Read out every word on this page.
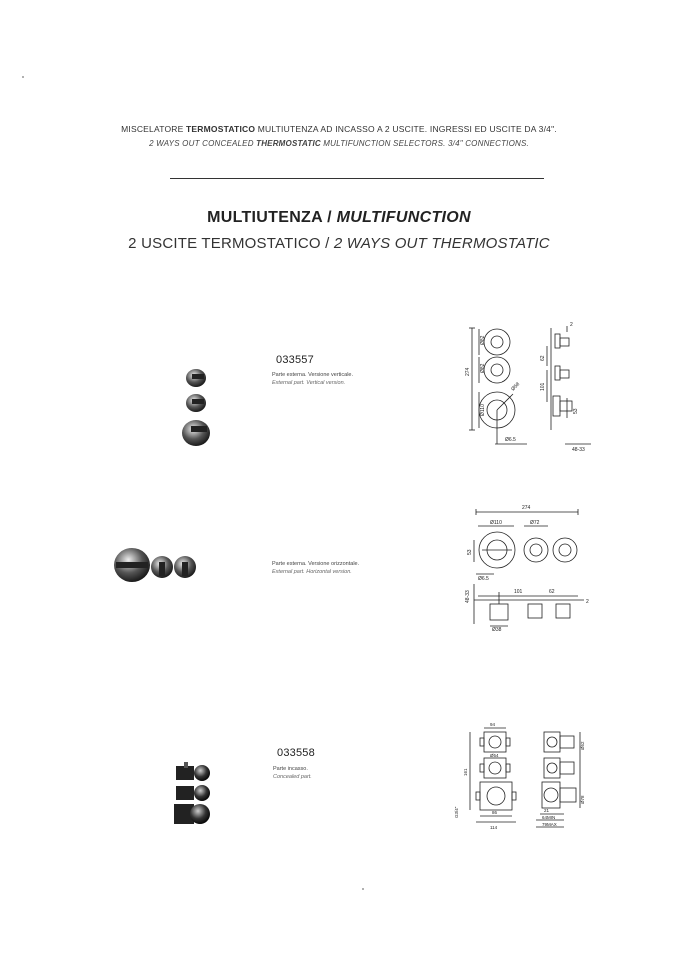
MISCELATORE TERMOSTATICO MULTIUTENZA AD INCASSO A 2 USCITE. INGRESSI ED USCITE DA 3/4".
2 WAYS OUT CONCEALED THERMOSTATIC MULTIFUNCTION SELECTORS. 3/4" CONNECTIONS.
MULTIUTENZA / MULTIFUNCTION
2 USCITE TERMOSTATICO / 2 WAYS OUT THERMOSTATIC
033557
Parte esterna. Versione verticale.
External part. Vertical version.
274
Ø82
Ø82
Ø110
Ø58
Ø6.5
62
101
53
48-33
2
Parte esterna. Versione orizzontale.
External part. Horizontal version.
274
Ø110	Ø72
53
Ø6.5
101	62
48-33
Ø38
2
033558
Parte incasso.
Concealed part.
94
Ø54
161
86
114
G3/4"
Ø52
Ø78
64MIN
79MAX
21
